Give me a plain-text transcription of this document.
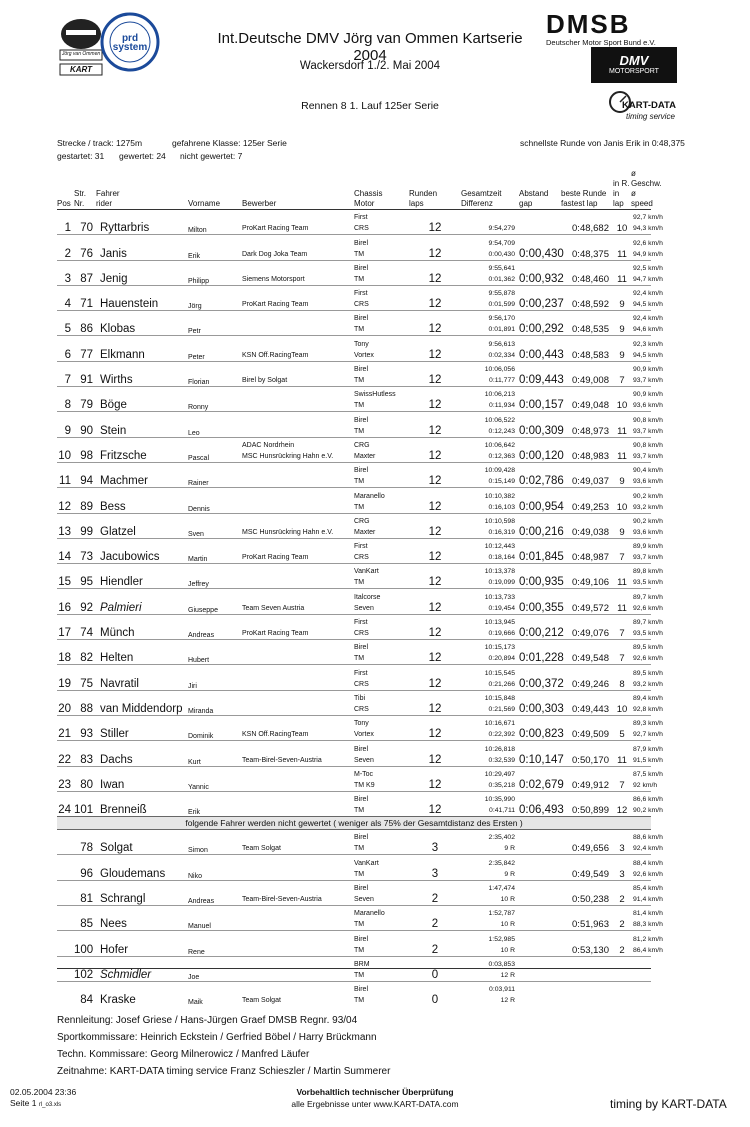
Jörg van Ommen
KART
prd system
Int.Deutsche DMV Jörg van Ommen Kartserie 2004
Wackersdorf 1./2. Mai 2004
Rennen 8 1. Lauf 125er Serie
DMSB
Deutscher Motor Sport Bund e.V.
DMV
MOTORSPORT
KART-DATA
timing service
Strecke / track: 1275m	gefahrene Klasse: 125er Serie	schnellste Runde von Janis Erik in 0:48,375
gestartet: 31 gewertet: 24 nicht gewertet: 7
Pos	Str.
Nr.	Fahrer
rider	Vorname	Bewerber	Chassis
Motor	Runden
laps	Gesamtzeit
Differenz	Abstand
gap	beste Runde
fastest lap	in R.
in lap	ø Geschw.
ø speed
1	70	Ryttarbris	Milton	ProKart Racing Team	First
CRS	12	9:54,279		0:48,682	10	92,7 km/h
94,3 km/h

2	76	Janis	Erik	Dark Dog Joka Team	Birel
TM	12	9:54,709
0:00,430	0:00,430	0:48,375	11	92,6 km/h
94,9 km/h

3	87	Jenig	Philipp	Siemens Motorsport	Birel
TM	12	9:55,641
0:01,362	0:00,932	0:48,460	11	92,5 km/h
94,7 km/h

4	71	Hauenstein	Jörg	ProKart Racing Team	First
CRS	12	9:55,878
0:01,599	0:00,237	0:48,592	9	92,4 km/h
94,5 km/h

5	86	Klobas	Petr		Birel
TM	12	9:56,170
0:01,891	0:00,292	0:48,535	9	92,4 km/h
94,6 km/h

6	77	Elkmann	Peter	KSN Off.RacingTeam	Tony
Vortex	12	9:56,613
0:02,334	0:00,443	0:48,583	9	92,3 km/h
94,5 km/h

7	91	Wirths	Florian	Birel by Solgat	Birel
TM	12	10:06,056
0:11,777	0:09,443	0:49,008	7	90,9 km/h
93,7 km/h

8	79	Böge	Ronny		SwissHutless
TM	12	10:06,213
0:11,934	0:00,157	0:49,048	10	90,9 km/h
93,6 km/h

9	90	Stein	Leo		Birel
TM	12	10:06,522
0:12,243	0:00,309	0:48,973	11	90,8 km/h
93,7 km/h

10	98	Fritzsche	Pascal	ADAC Nordrhein
MSC Hunsrückring Hahn e.V.	CRG
Maxter	12	10:06,642
0:12,363	0:00,120	0:48,983	11	90,8 km/h
93,7 km/h

11	94	Machmer	Rainer		Birel
TM	12	10:09,428
0:15,149	0:02,786	0:49,037	9	90,4 km/h
93,6 km/h

12	89	Bess	Dennis		Maranello
TM	12	10:10,382
0:16,103	0:00,954	0:49,253	10	90,2 km/h
93,2 km/h

13	99	Glatzel	Sven	MSC Hunsrückring Hahn e.V.	CRG
Maxter	12	10:10,598
0:16,319	0:00,216	0:49,038	9	90,2 km/h
93,6 km/h

14	73	Jacubowics	Martin	ProKart Racing Team	First
CRS	12	10:12,443
0:18,164	0:01,845	0:48,987	7	89,9 km/h
93,7 km/h

15	95	Hiendler	Jeffrey		VanKart
TM	12	10:13,378
0:19,099	0:00,935	0:49,106	11	89,8 km/h
93,5 km/h

16	92	Palmieri	Giuseppe	Team Seven Austria	Italcorse
Seven	12	10:13,733
0:19,454	0:00,355	0:49,572	11	89,7 km/h
92,6 km/h

17	74	Münch	Andreas	ProKart Racing Team	First
CRS	12	10:13,945
0:19,666	0:00,212	0:49,076	7	89,7 km/h
93,5 km/h

18	82	Helten	Hubert		Birel
TM	12	10:15,173
0:20,894	0:01,228	0:49,548	7	89,5 km/h
92,6 km/h

19	75	Navratil	Jiri		First
CRS	12	10:15,545
0:21,266	0:00,372	0:49,246	8	89,5 km/h
93,2 km/h

20	88	van Middendorp	Miranda		Tibi
CRS	12	10:15,848
0:21,569	0:00,303	0:49,443	10	89,4 km/h
92,8 km/h

21	93	Stiller	Dominik	KSN Off.RacingTeam	Tony
Vortex	12	10:16,671
0:22,392	0:00,823	0:49,509	5	89,3 km/h
92,7 km/h

22	83	Dachs	Kurt	Team-Birel-Seven-Austria	Birel
Seven	12	10:26,818
0:32,539	0:10,147	0:50,170	11	87,9 km/h
91,5 km/h

23	80	Iwan	Yannic		M-Toc
TM K9	12	10:29,497
0:35,218	0:02,679	0:49,912	7	87,5 km/h
92 km/h

24	101	Brenneiß	Erik		Birel
TM	12	10:35,990
0:41,711	0:06,493	0:50,899	12	86,6 km/h
90,2 km/h

folgende Fahrer werden nicht gewertet ( weniger als 75% der Gesamtdistanz des Ersten )											
	78	Solgat	Simon	Team Solgat	Birel
TM	3	2:35,402
9 R		0:49,656	3	88,6 km/h
92,4 km/h

	96	Gloudemans	Niko		VanKart
TM	3	2:35,842
9 R		0:49,549	3	88,4 km/h
92,6 km/h

	81	Schrangl	Andreas	Team-Birel-Seven-Austria	Birel
Seven	2	1:47,474
10 R		0:50,238	2	85,4 km/h
91,4 km/h

	85	Nees	Manuel		Maranello
TM	2	1:52,787
10 R		0:51,963	2	81,4 km/h
88,3 km/h

	100	Hofer	Rene		Birel
TM	2	1:52,985
10 R		0:53,130	2	81,2 km/h
86,4 km/h

	102	Schmidler	Joe		BRM
TM	0	0:03,853
12 R				

	84	Kraske	Maik	Team Solgat	Birel
TM	0	0:03,911
12 R				

Rennleitung: Josef Griese / Hans-Jürgen Graef DMSB Regnr. 93/04
Sportkommissare: Heinrich Eckstein / Gerfried Böbel / Harry Brückmann
Techn. Kommissare: Georg Milnerowicz / Manfred Läufer
Zeitnahme: KART-DATA timing service Franz Schieszler / Martin Summerer
02.05.2004 23:36
Seite 1 rl_o3.xls
Vorbehaltlich technischer Überprüfung
alle Ergebnisse unter www.KART-DATA.com	timing by KART-DATA
